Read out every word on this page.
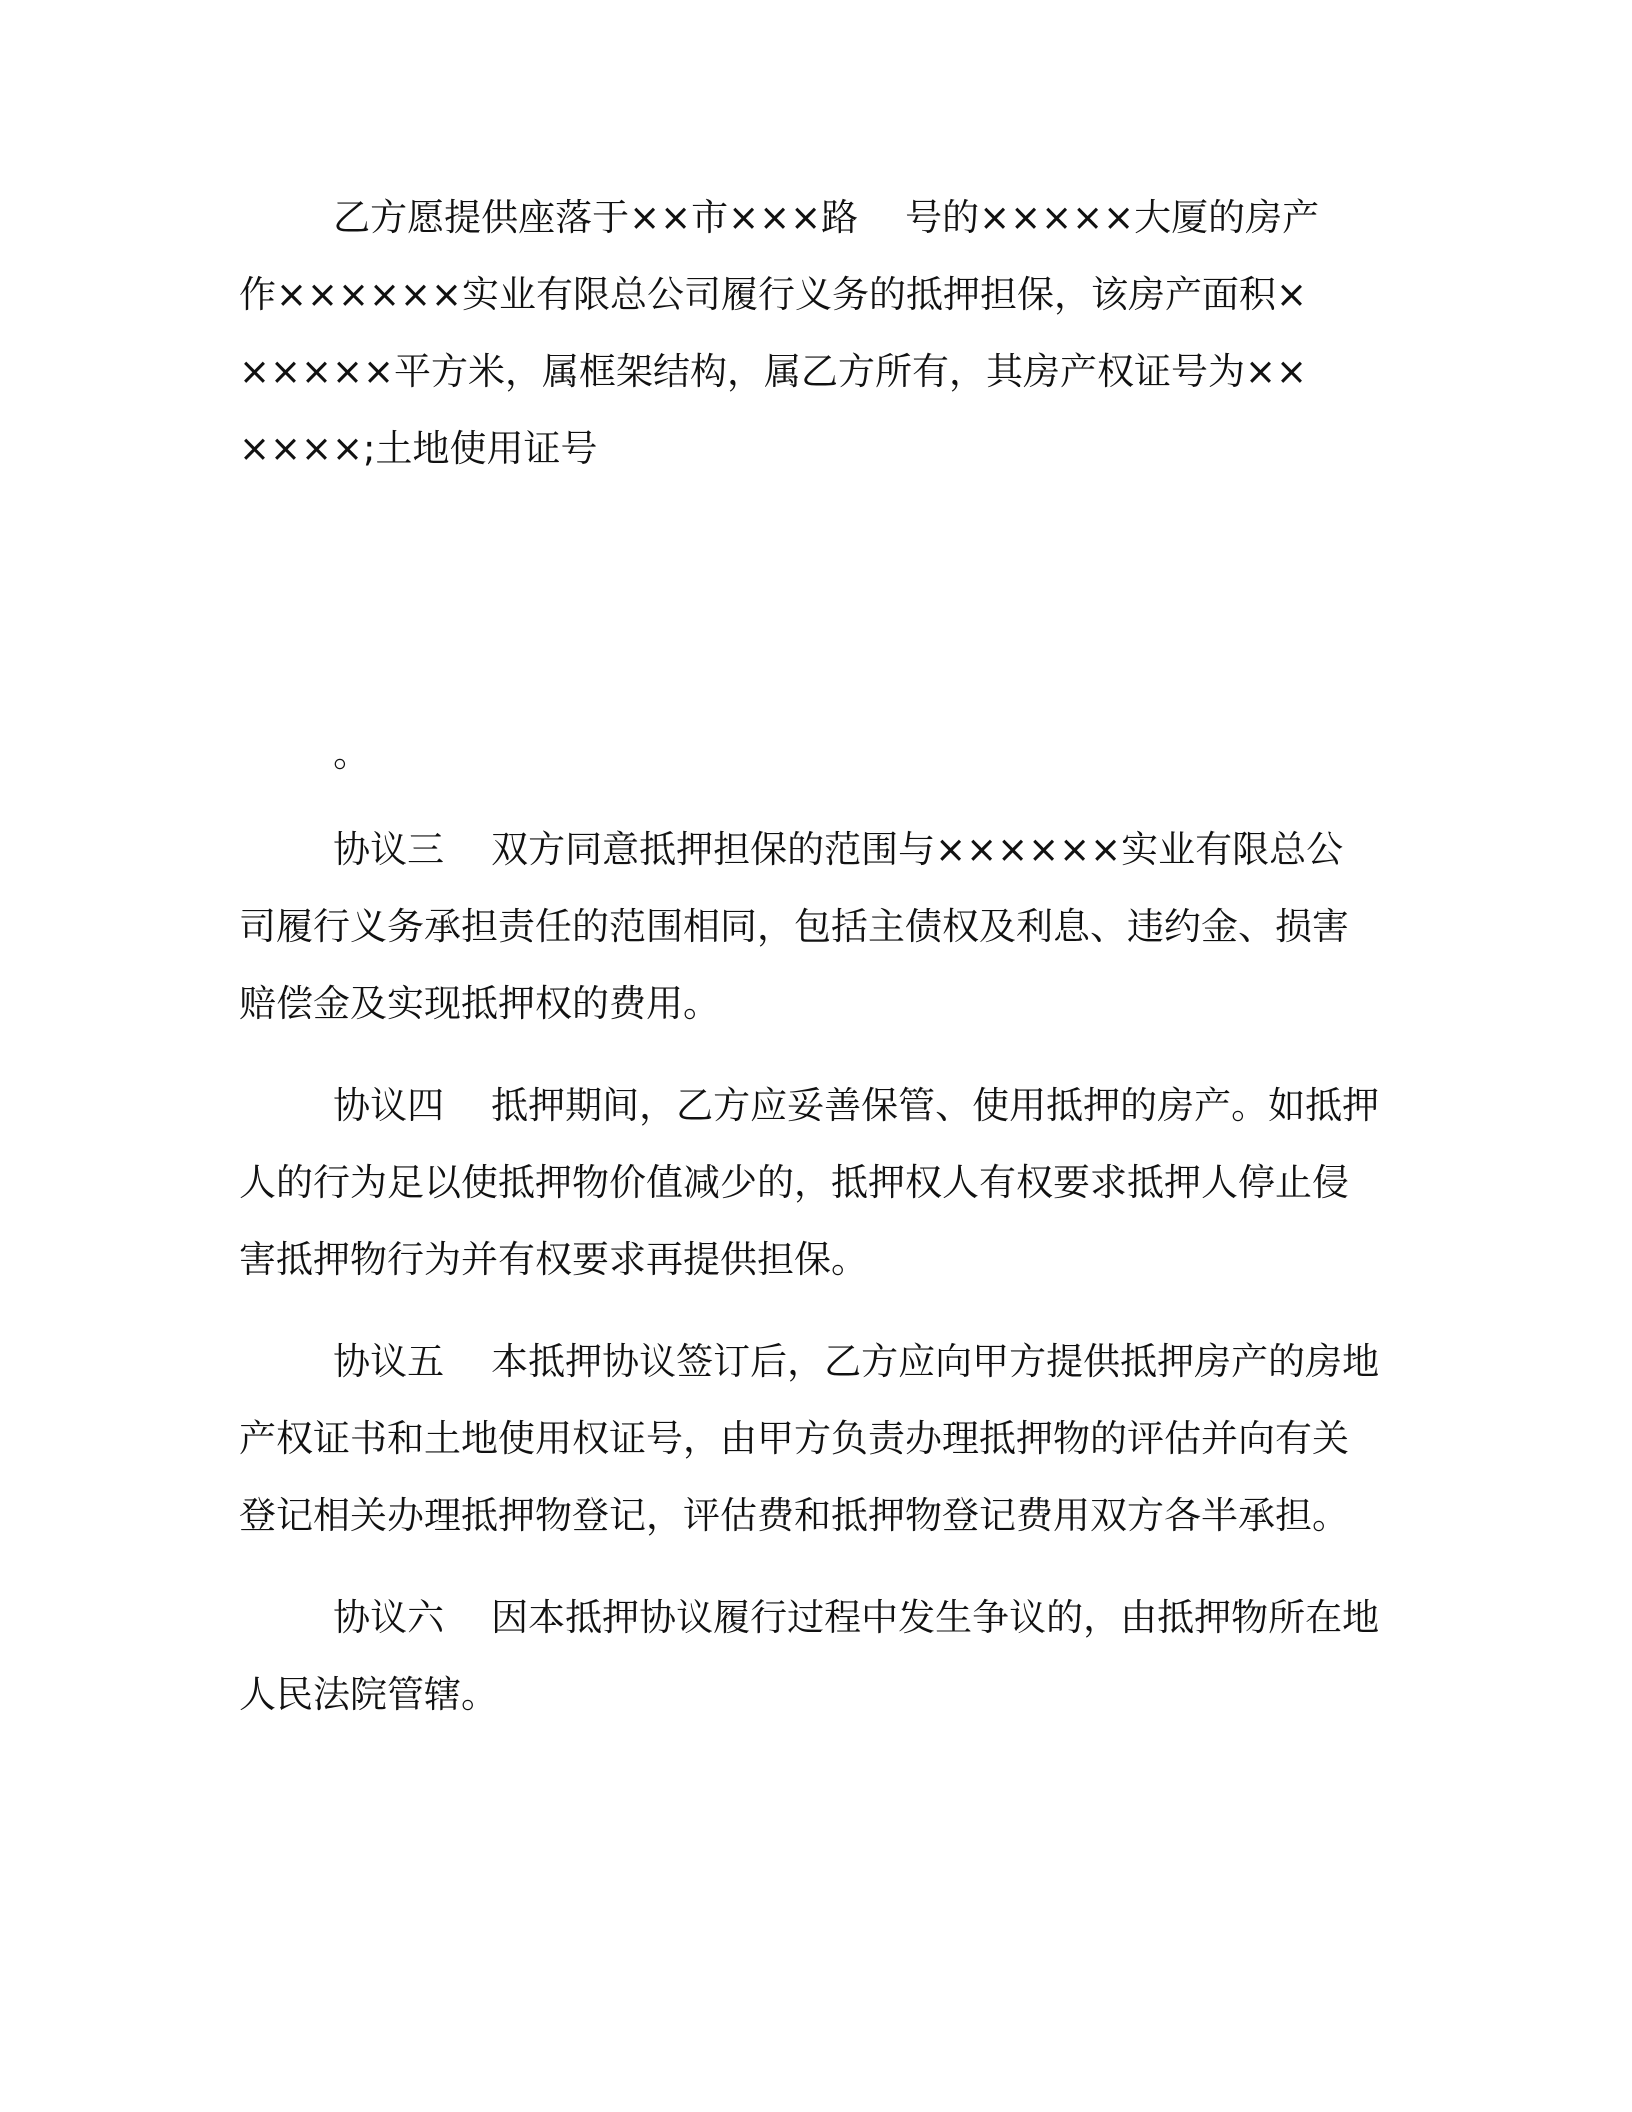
乙方愿提供座落于××市×××路    号的×××××大厦的房产
作××××××实业有限总公司履行义务的抵押担保，该房产面积×
×××××平方米，属框架结构，属乙方所有，其房产权证号为××
××××;土地使用证号
。
协议三    双方同意抵押担保的范围与××××××实业有限总公
司履行义务承担责任的范围相同，包括主债权及利息、违约金、损害
赔偿金及实现抵押权的费用。
协议四    抵押期间，乙方应妥善保管、使用抵押的房产。如抵押
人的行为足以使抵押物价值减少的，抵押权人有权要求抵押人停止侵
害抵押物行为并有权要求再提供担保。
协议五    本抵押协议签订后，乙方应向甲方提供抵押房产的房地
产权证书和土地使用权证号，由甲方负责办理抵押物的评估并向有关
登记相关办理抵押物登记，评估费和抵押物登记费用双方各半承担。
协议六    因本抵押协议履行过程中发生争议的，由抵押物所在地
人民法院管辖。
